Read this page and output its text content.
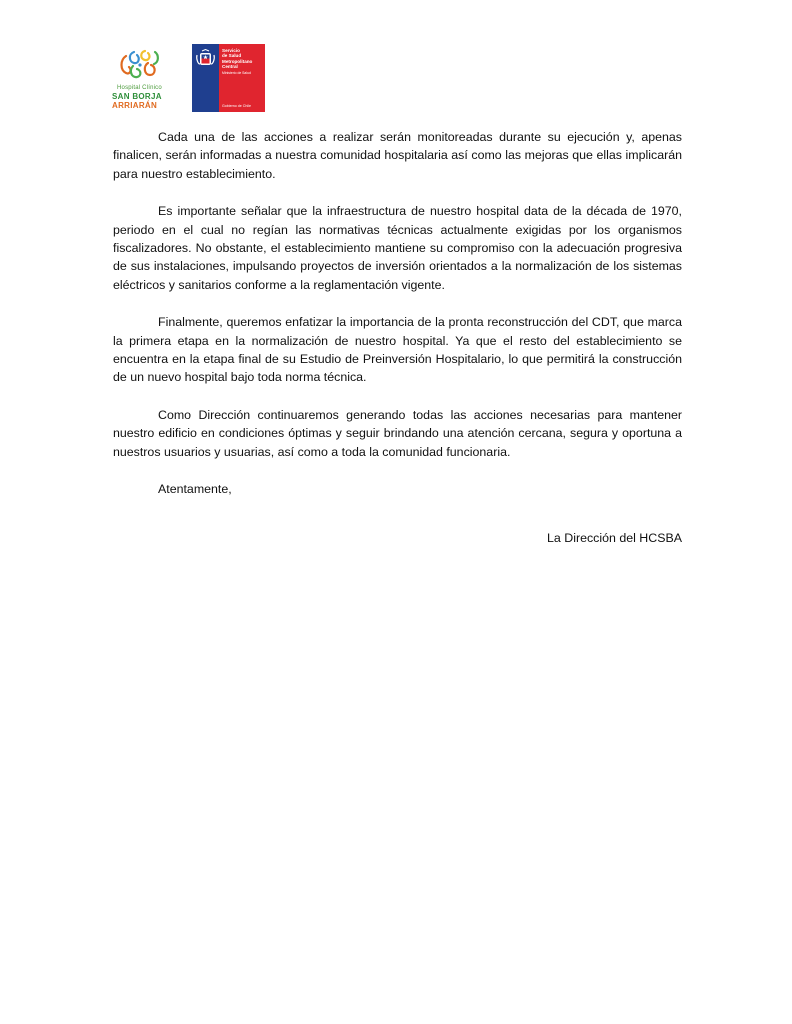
Hospital Clínico
SAN BORJA
ARRIARÁN
Servicio
de Salud
Metropolitano
Central
Ministerio de Salud
Gobierno de Chile

Cada una de las acciones a realizar serán monitoreadas durante su ejecución y, apenas finalicen, serán informadas a nuestra comunidad hospitalaria así como las mejoras que ellas implicarán para nuestro establecimiento.

Es importante señalar que la infraestructura de nuestro hospital data de la década de 1970, periodo en el cual no regían las normativas técnicas actualmente exigidas por los organismos fiscalizadores. No obstante, el establecimiento mantiene su compromiso con la adecuación progresiva de sus instalaciones, impulsando proyectos de inversión orientados a la normalización de los sistemas eléctricos y sanitarios conforme a la reglamentación vigente.

Finalmente, queremos enfatizar la importancia de la pronta reconstrucción del CDT, que marca la primera etapa en la normalización de nuestro hospital. Ya que el resto del establecimiento se encuentra en la etapa final de su Estudio de Preinversión Hospitalario, lo que permitirá la construcción de un nuevo hospital bajo toda norma técnica.

Como Dirección continuaremos generando todas las acciones necesarias para mantener nuestro edificio en condiciones óptimas y seguir brindando una atención cercana, segura y oportuna a nuestros usuarios y usuarias, así como a toda la comunidad funcionaria.

Atentamente,

La Dirección del HCSBA
